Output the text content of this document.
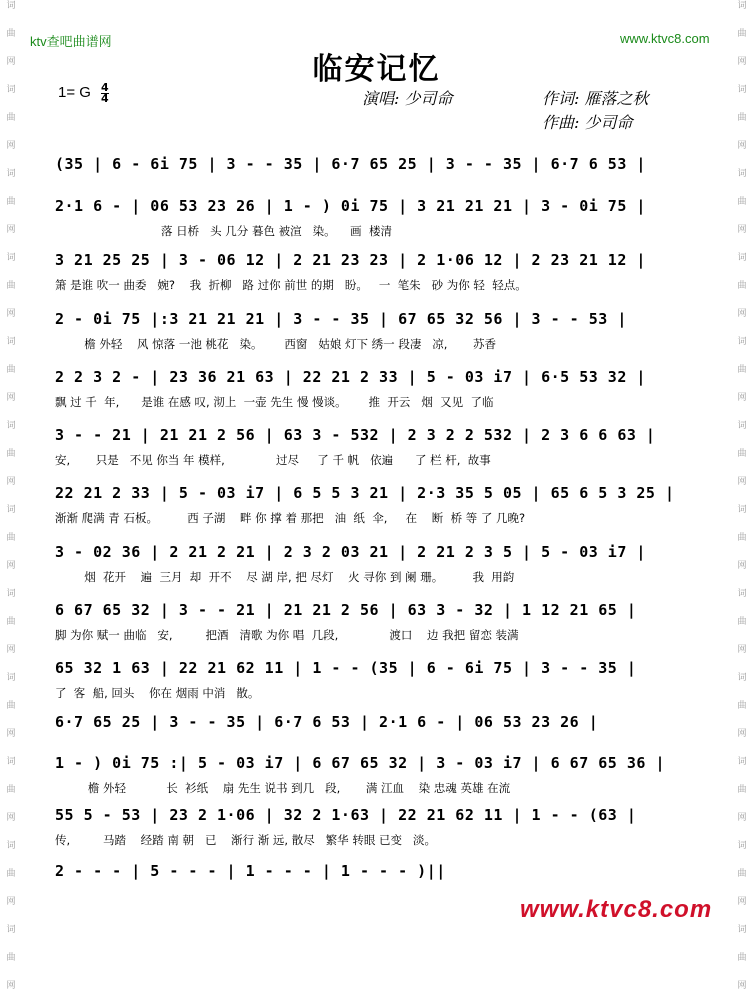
ktv查吧曲谱网	www.ktvc8.com
临安记忆
1= G 4
4	演唱: 少司命	作词: 雁落之秋
作曲: 少司命
词
曲
网
词
曲
网
词
曲
网
词
曲
网
词
曲
网
词
曲
网
词
曲
网
词
曲
网
词
曲
网
词
曲
网
词
曲
网
词
曲
网
词
曲
网
词
曲
网
词
曲
网
词
曲
网
词
曲
网
词
曲
网
词
曲
网
词
曲
网
词
曲
网
词
曲
网
词
曲
网
词
曲
网
(35 | 6 - 6i 75 | 3 - - 35 | 6·7 65 25 | 3 - - 35 | 6·7 6 53 |
2·1 6 - | 06 53 23 26 | 1 - ) 0i 75 | 3 21 21 21 | 3 - 0i 75 |
落 日桥   头 几分 暮色 被渲   染。    画  楼清
3 21 25 25 | 3 - 06 12 | 2 21 23 23 | 2 1·06 12 | 2 23 21 12 |
箫 是谁 吹一 曲委   婉?    我  折柳   路 过你 前世 的期   盼。   一  笔朱   砂 为你 轻  轻点。
2 - 0i 75 |:3 21 21 21 | 3 - - 35 | 67 65 32 56 | 3 - - 53 |
檐 外轻    风 惊落 一池 桃花   染。      西窗   姑娘 灯下 绣一 段凄   凉,       苏香
2 2 3 2 - | 23 36 21 63 | 22 21 2 33 | 5 - 03 i7 | 6·5 53 32 |
飘 过 千  年,      是谁 在感 叹, 沏上  一壶 先生 慢 慢谈。      推  开云   烟  又见  了临
3 - - 21 | 21 21 2 56 | 63 3 - 532 | 2 3 2 2 532 | 2 3 6 6 63 |
安,       只是   不见 你当 年 模样,              过尽     了 千 帆   依遍      了 栏 杆,  故事
22 21 2 33 | 5 - 03 i7 | 6 5 5 3 21 | 2·3 35 5 05 | 65 6 5 3 25 |
渐渐 爬满 青 石板。        西 子湖    畔 你 撑 着 那把   油  纸  伞,     在    断  桥 等 了 几晚?
3 - 02 36 | 2 21 2 21 | 2 3 2 03 21 | 2 21 2 3 5 | 5 - 03 i7 |
烟  花开    遍  三月  却  开不    尽 湖 岸, 把 尽灯    火 寻你 到 阑 珊。        我  用韵
6 67 65 32 | 3 - - 21 | 21 21 2 56 | 63 3 - 32 | 1 12 21 65 |
脚 为你 赋一 曲临   安,         把酒   清歌 为你 唱  几段,              渡口    边 我把 留恋 装满
65 32 1 63 | 22 21 62 11 | 1 - - (35 | 6 - 6i 75 | 3 - - 35 |
了  客  船, 回头    你在 烟雨 中消   散。
6·7 65 25 | 3 - - 35 | 6·7 6 53 | 2·1 6 - | 06 53 23 26 |
1 - ) 0i 75 :| 5 - 03 i7 | 6 67 65 32 | 3 - 03 i7 | 6 67 65 36 |
檐 外轻           长  衫纸    扇 先生 说书 到几   段,       满 江血    染 忠魂 英雄 在流
55 5 - 53 | 23 2 1·06 | 32 2 1·63 | 22 21 62 11 | 1 - - (63 |
传,         马踏    经踏 南 朝   已    渐行 渐 远, 散尽   繁华 转眼 已变   淡。
2 - - - | 5 - - - | 1 - - - | 1 - - - )||
www.ktvc8.com
